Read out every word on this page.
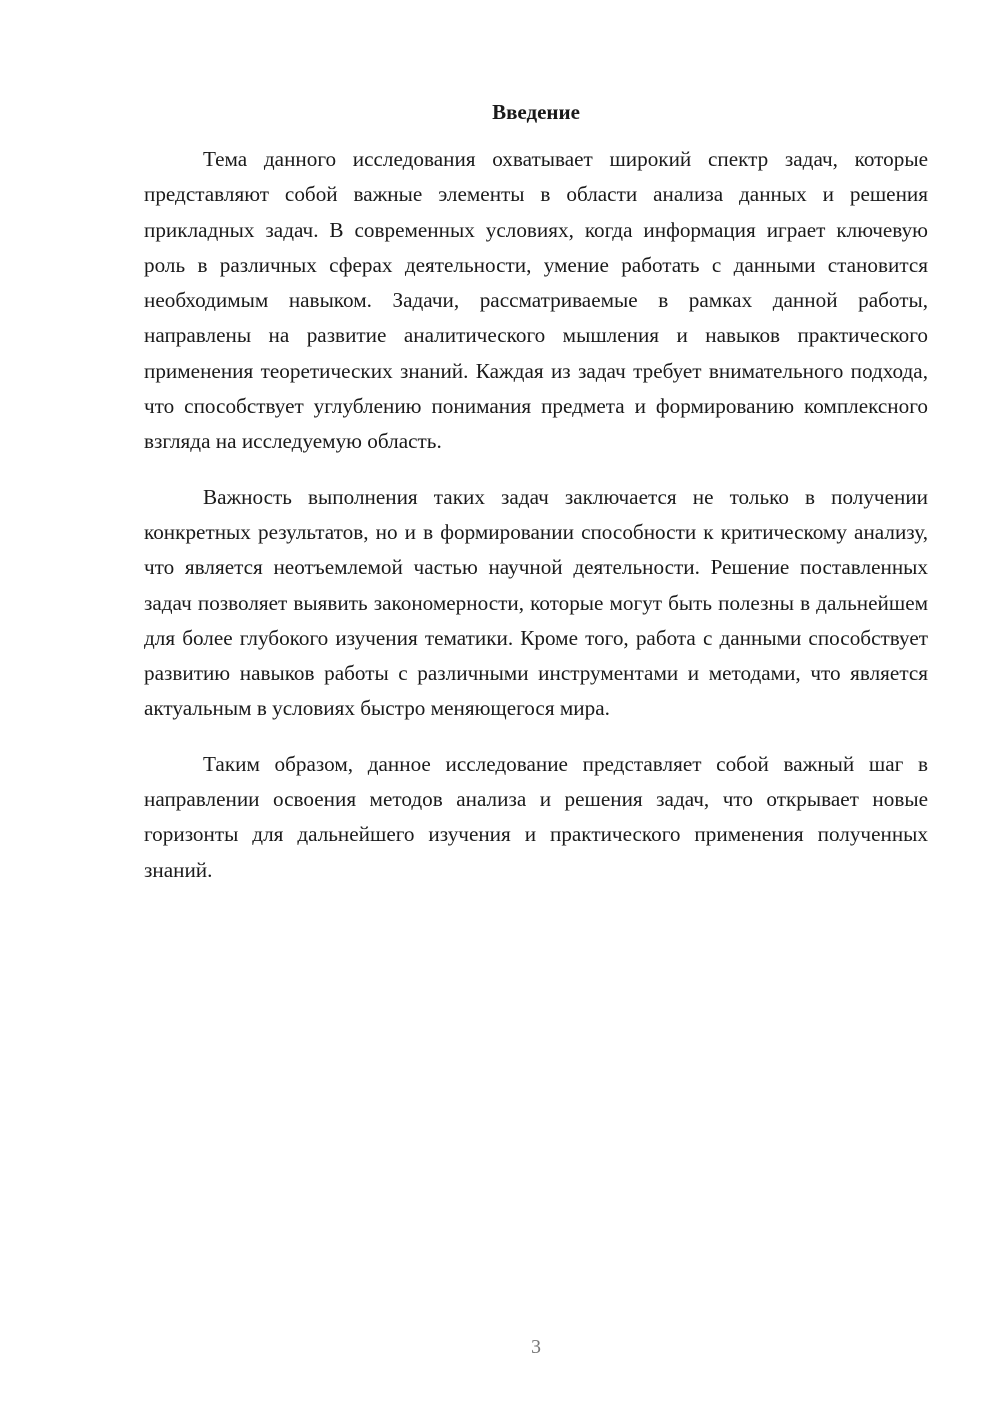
Введение

Тема данного исследования охватывает широкий спектр задач, которые представляют собой важные элементы в области анализа данных и решения прикладных задач. В современных условиях, когда информация играет ключевую роль в различных сферах деятельности, умение работать с данными становится необходимым навыком. Задачи, рассматриваемые в рамках данной работы, направлены на развитие аналитического мышления и навыков практического применения теоретических знаний. Каждая из задач требует внимательного подхода, что способствует углублению понимания предмета и формированию комплексного взгляда на исследуемую область.

Важность выполнения таких задач заключается не только в получении конкретных результатов, но и в формировании способности к критическому анализу, что является неотъемлемой частью научной деятельности. Решение поставленных задач позволяет выявить закономерности, которые могут быть полезны в дальнейшем для более глубокого изучения тематики. Кроме того, работа с данными способствует развитию навыков работы с различными инструментами и методами, что является актуальным в условиях быстро меняющегося мира.

Таким образом, данное исследование представляет собой важный шаг в направлении освоения методов анализа и решения задач, что открывает новые горизонты для дальнейшего изучения и практического применения полученных знаний.

3
